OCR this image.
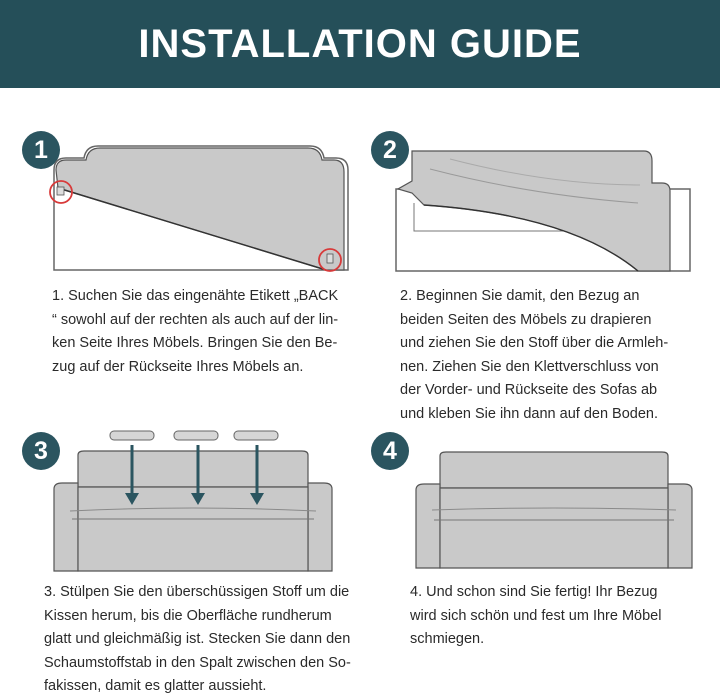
INSTALLATION GUIDE
1
1. Suchen Sie das eingenähte Etikett „BACK
“ sowohl auf der rechten als auch auf der lin-
ken Seite Ihres Möbels. Bringen Sie den Be-
zug auf der Rückseite Ihres Möbels an.
2
2. Beginnen Sie damit, den Bezug an
beiden Seiten des Möbels zu drapieren
und ziehen Sie den Stoff über die Armleh-
nen. Ziehen Sie den Klettverschluss von
der Vorder- und Rückseite des Sofas ab
und kleben Sie ihn dann auf den Boden.
3
3. Stülpen Sie den überschüssigen Stoff um die
Kissen herum, bis die Oberfläche rundherum
glatt und gleichmäßig ist. Stecken Sie dann den
Schaumstoffstab in den Spalt zwischen den So-
fakissen, damit es glatter aussieht.
4
4. Und schon sind Sie fertig! Ihr Bezug
wird sich schön und fest um Ihre Möbel
schmiegen.
